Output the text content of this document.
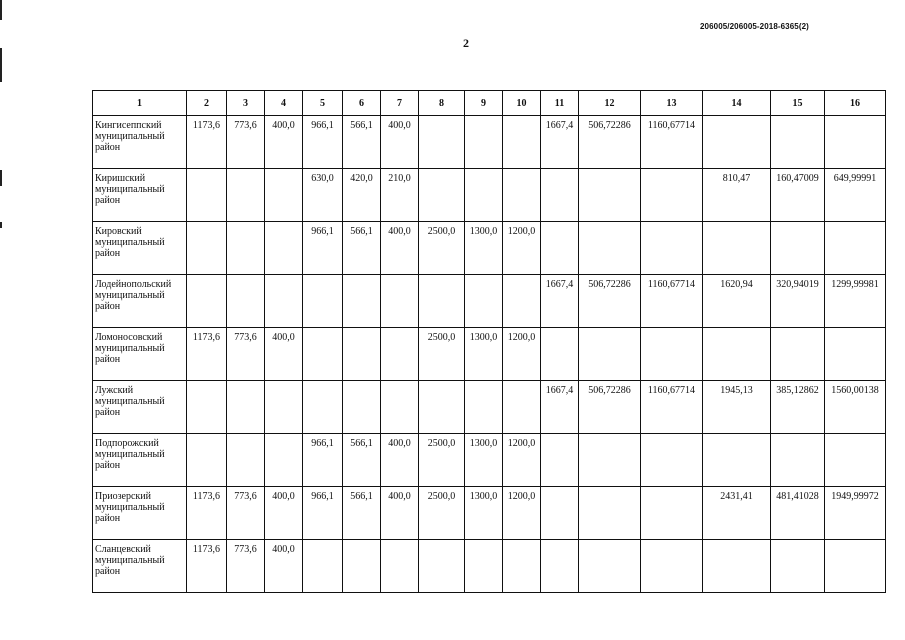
206005/206005-2018-6365(2)
2
1	2	3	4	5	6	7	8	9	10	11	12	13	14	15	16
Кингисеппский муниципальный район	1173,6	773,6	400,0	966,1	566,1	400,0				1667,4	506,72286	1160,67714			
Киришский муниципальный район				630,0	420,0	210,0							810,47	160,47009	649,99991
Кировский муниципальный район				966,1	566,1	400,0	2500,0	1300,0	1200,0						
Лодейнопольский муниципальный район										1667,4	506,72286	1160,67714	1620,94	320,94019	1299,99981
Ломоносовский муниципальный район	1173,6	773,6	400,0				2500,0	1300,0	1200,0						
Лужский муниципальный район										1667,4	506,72286	1160,67714	1945,13	385,12862	1560,00138
Подпорожский муниципальный район				966,1	566,1	400,0	2500,0	1300,0	1200,0						
Приозерский муниципальный район	1173,6	773,6	400,0	966,1	566,1	400,0	2500,0	1300,0	1200,0				2431,41	481,41028	1949,99972
Сланцевский муниципальный район	1173,6	773,6	400,0												
